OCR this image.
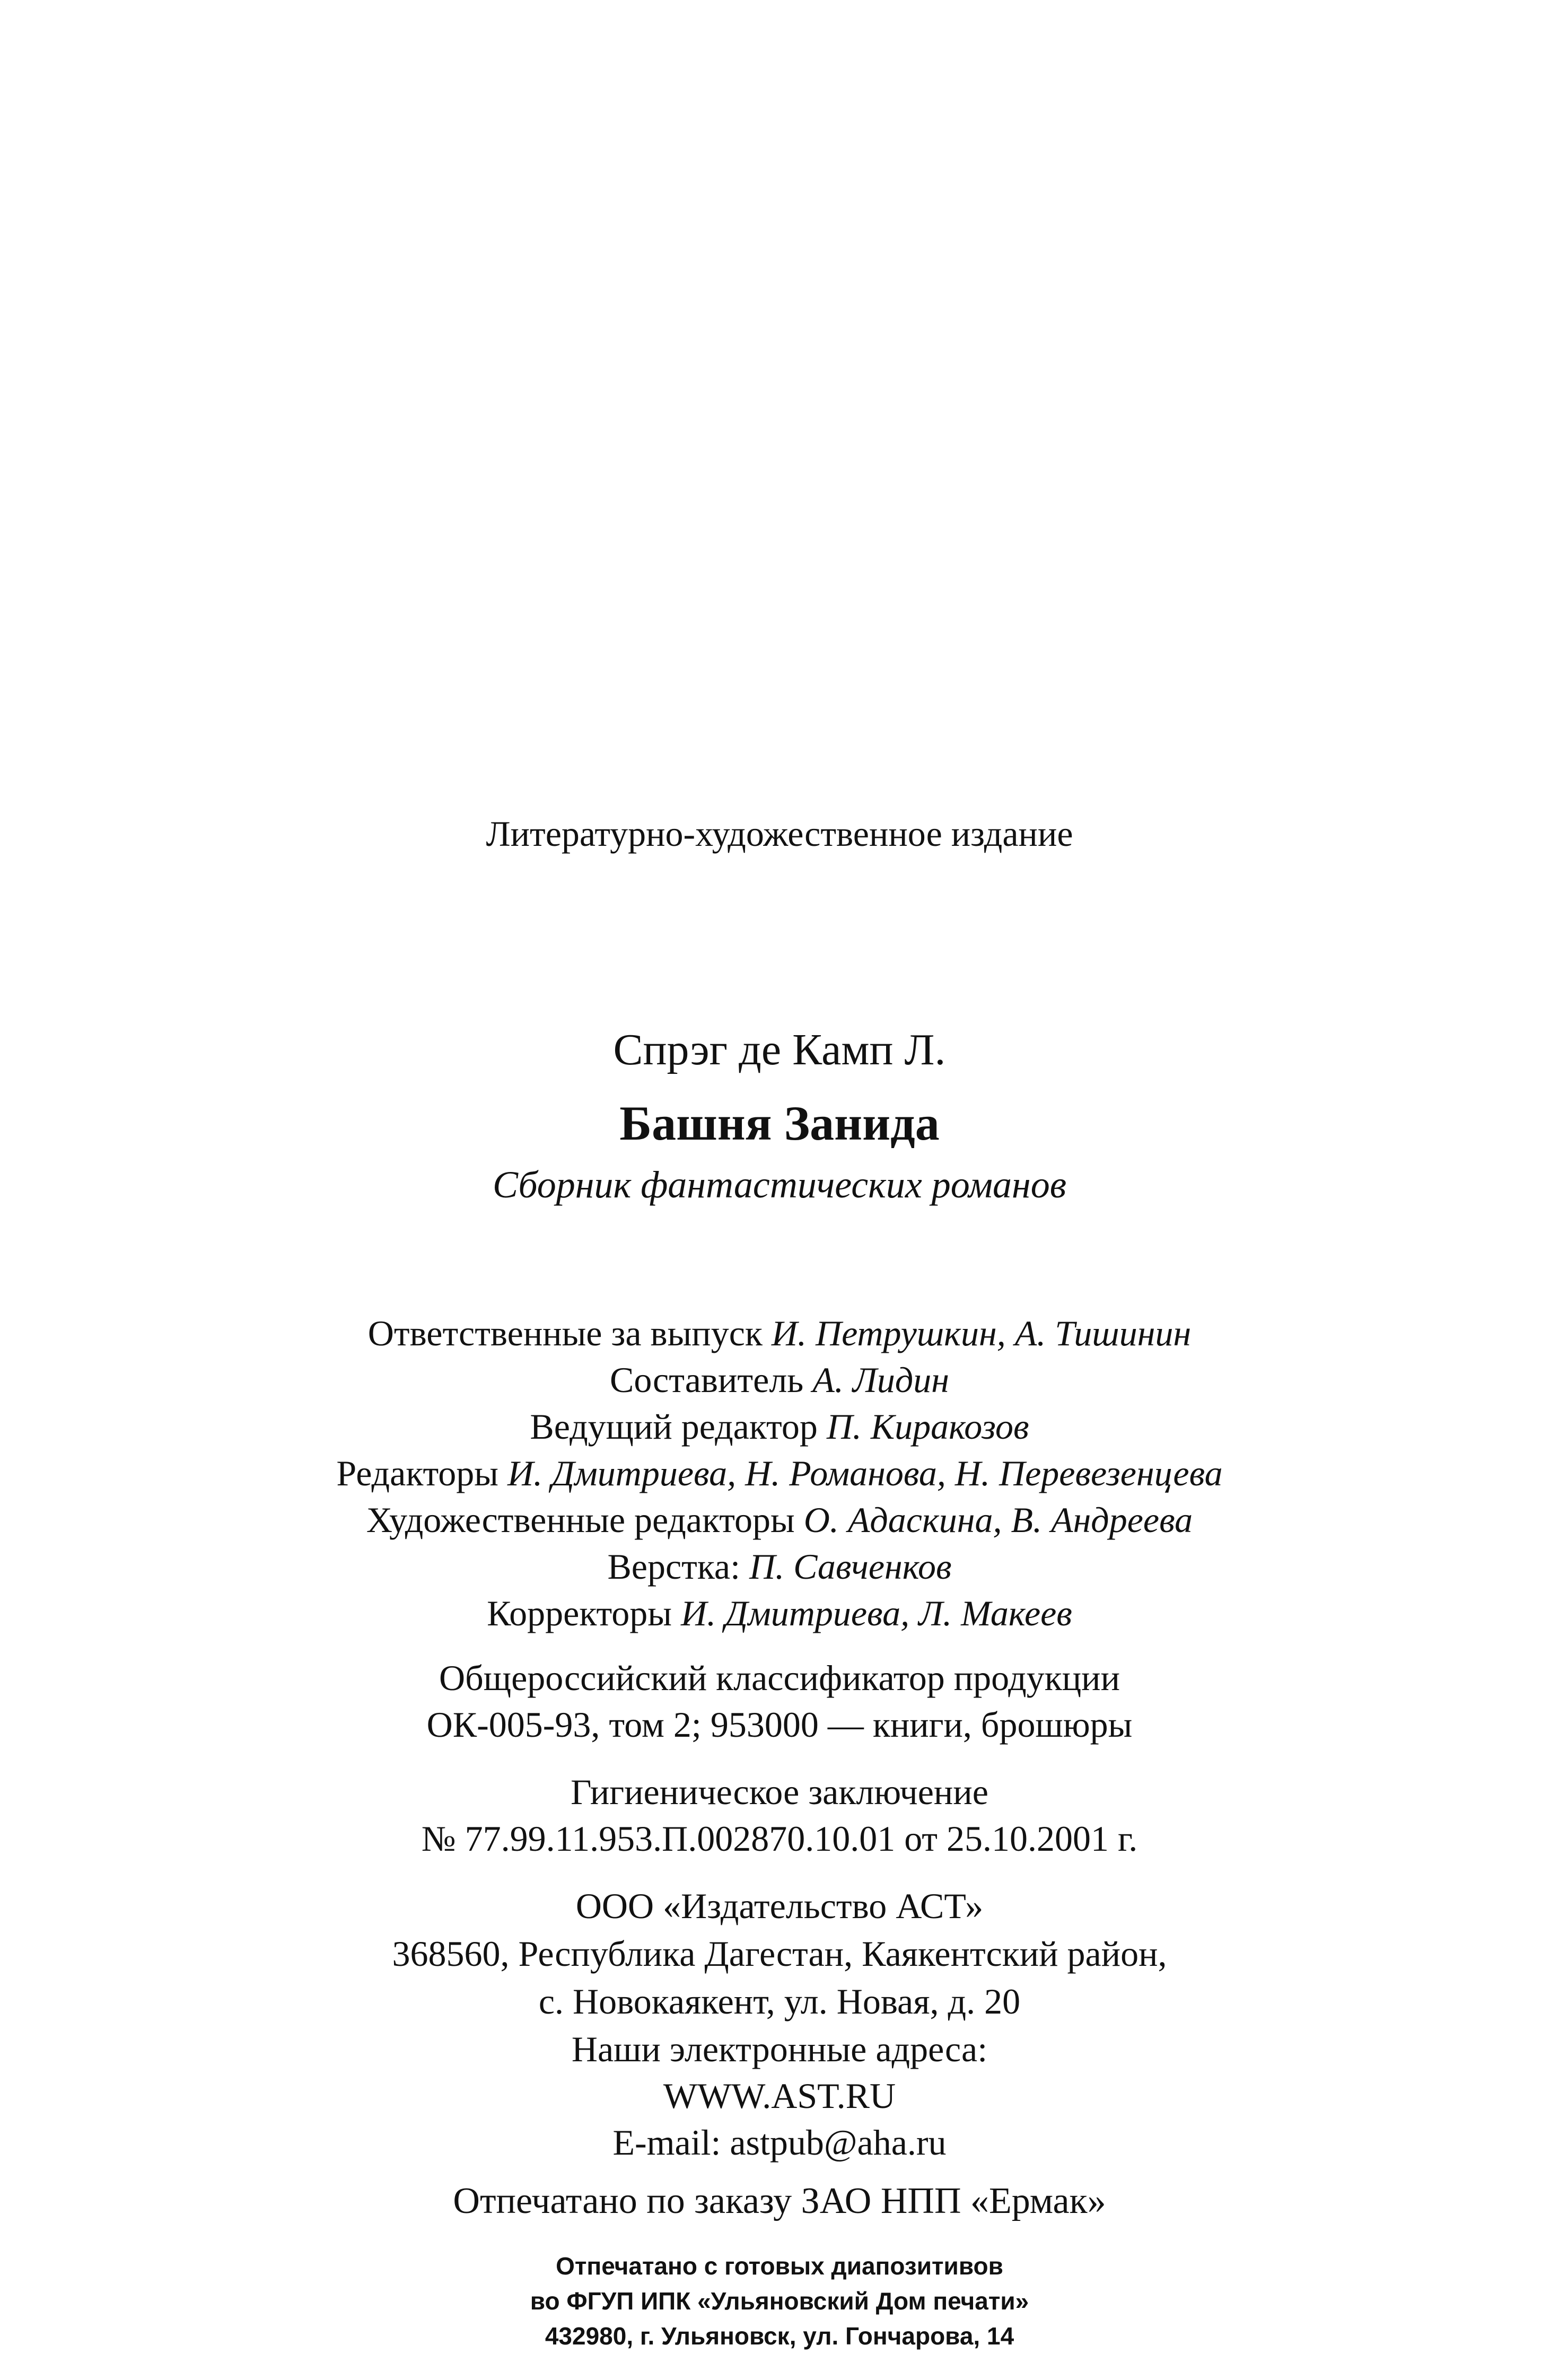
Литературно-художественное издание
Спрэг де Камп Л.
Башня Занида
Сборник фантастических романов
Ответственные за выпуск И. Петрушкин, А. Тишинин
Составитель А. Лидин
Ведущий редактор П. Киракозов
Редакторы И. Дмитриева, Н. Романова, Н. Перевезенцева
Художественные редакторы О. Адаскина, В. Андреева
Верстка: П. Савченков
Корректоры И. Дмитриева, Л. Макеев
Общероссийский классификатор продукции
ОК-005-93, том 2; 953000 — книги, брошюры
Гигиеническое заключение
№ 77.99.11.953.П.002870.10.01 от 25.10.2001 г.
ООО «Издательство АСТ»
368560, Республика Дагестан, Каякентский район,
с. Новокаякент, ул. Новая, д. 20
Наши электронные адреса:
WWW.AST.RU
E-mail: astpub@aha.ru
Отпечатано по заказу ЗАО НПП «Ермак»
Отпечатано с готовых диапозитивов
во ФГУП ИПК «Ульяновский Дом печати»
432980, г. Ульяновск, ул. Гончарова, 14
